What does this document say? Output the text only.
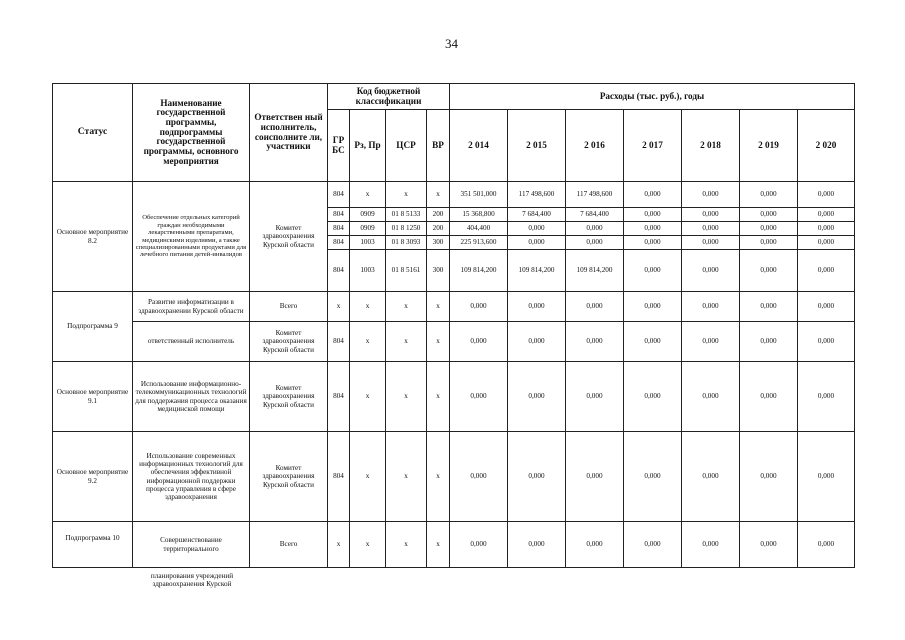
34
Статус	Наименование государственной программы, подпрограммы государственной программы, основного мероприятия	Ответствен ный исполнитель, соисполните ли, участники	Код бюджетной классификации				Расходы (тыс. руб.), годы						
			ГР БС	Рз, Пр	ЦСР	ВР	2 014	2 015	2 016	2 017	2 018	2 019	2 020
Основное мероприятие 8.2	Обеспечение отдельных категорий граждан необходимыми лекарственными препаратами, медицинскими изделиями, а также специализированными продуктами для лечебного питания детей-инвалидов	Комитет здравоохранения Курской области	804	х	х	х	351 501,000	117 498,600	117 498,600	0,000	0,000	0,000	0,000
			804	0909	01 8 5133	200	15 368,800	7 684,400	7 684,400	0,000	0,000	0,000	0,000
			804	0909	01 8 1250	200	404,400	0,000	0,000	0,000	0,000	0,000	0,000
			804	1003	01 8 3093	300	225 913,600	0,000	0,000	0,000	0,000	0,000	0,000
			804	1003	01 8 5161	300	109 814,200	109 814,200	109 814,200	0,000	0,000	0,000	0,000
Подпрограмма 9	Развитие информатизации в здравоохранении Курской области	Всего	х	х	х	х	0,000	0,000	0,000	0,000	0,000	0,000	0,000
	ответственный исполнитель	Комитет здравоохранения Курской области	804	х	х	х	0,000	0,000	0,000	0,000	0,000	0,000	0,000
Основное мероприятие 9.1	Использование информационно-телекоммуникационных технологий для поддержания процесса оказания медицинской помощи	Комитет здравоохранения Курской области	804	х	х	х	0,000	0,000	0,000	0,000	0,000	0,000	0,000
Основное мероприятие 9.2	Использование современных информационных технологий для обеспечения эффективной информационной поддержки процесса управления в сфере здравоохранения	Комитет здравоохранения Курской области	804	х	х	х	0,000	0,000	0,000	0,000	0,000	0,000	0,000
Подпрограмма 10	Совершенствование территориального	Всего	х	х	х	х	0,000	0,000	0,000	0,000	0,000	0,000	0,000
планирования учреждений здравоохранения Курской
